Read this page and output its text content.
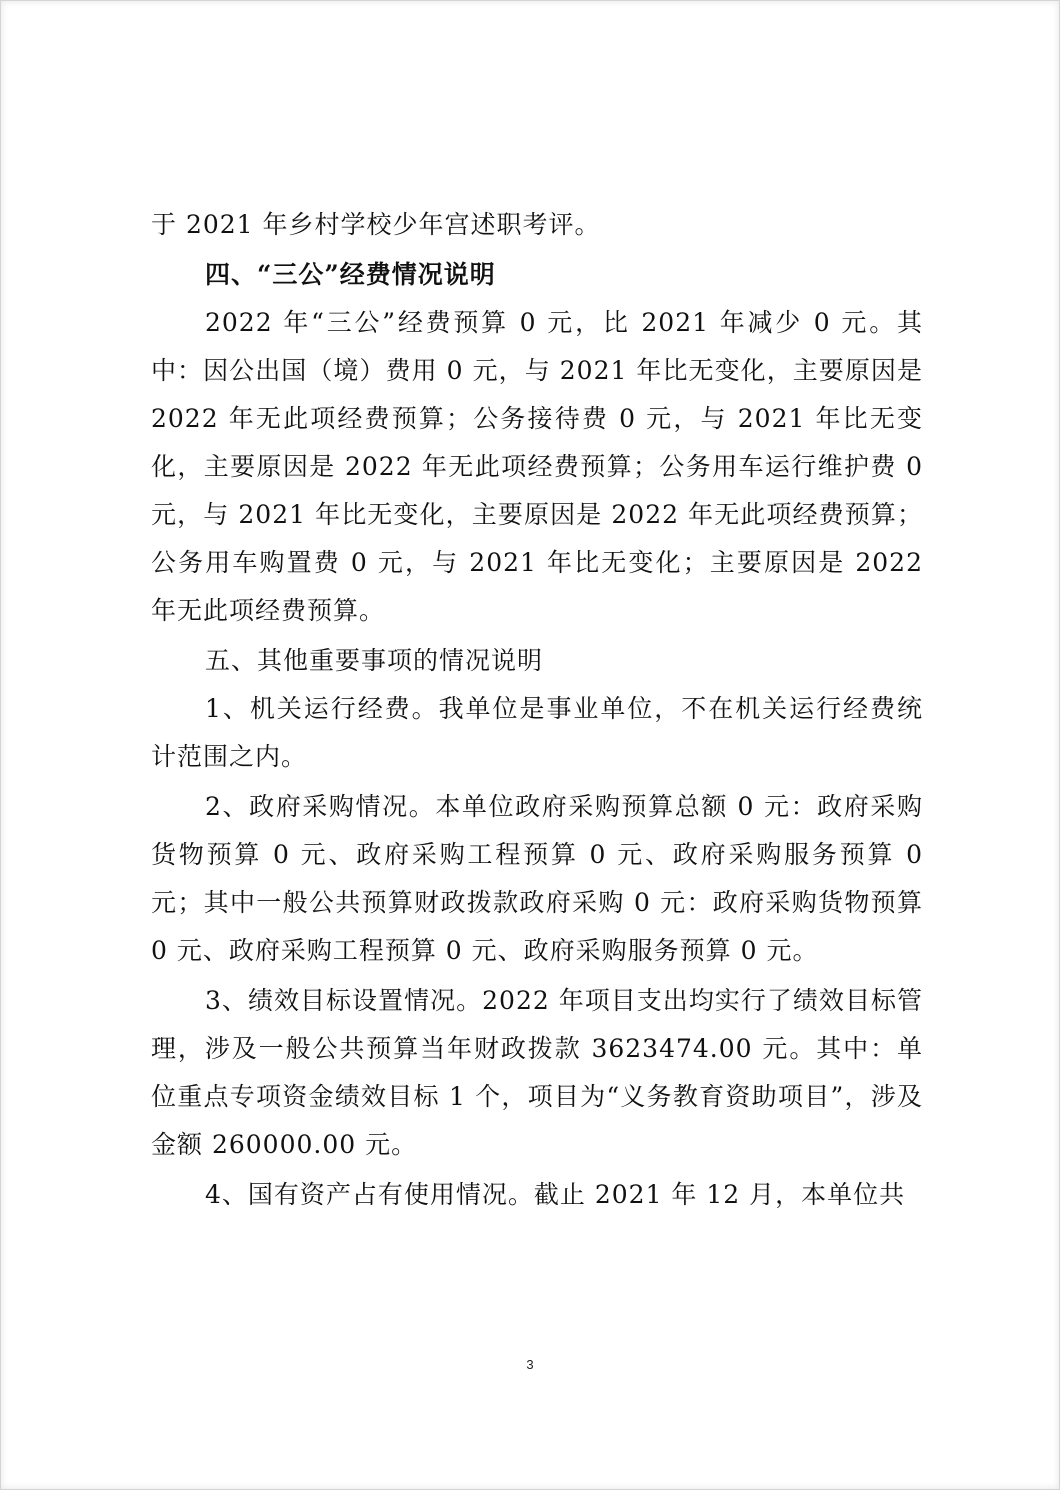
于 2021 年乡村学校少年宫述职考评。

四、“三公”经费情况说明

2022 年“三公”经费预算 0 元，比 2021 年减少 0 元。其中：因公出国（境）费用 0 元，与 2021 年比无变化，主要原因是 2022 年无此项经费预算；公务接待费 0 元，与 2021 年比无变化，主要原因是 2022 年无此项经费预算；公务用车运行维护费 0 元，与 2021 年比无变化，主要原因是 2022 年无此项经费预算；公务用车购置费 0 元，与 2021 年比无变化；主要原因是 2022 年无此项经费预算。

五、其他重要事项的情况说明

1、机关运行经费。我单位是事业单位，不在机关运行经费统计范围之内。

2、政府采购情况。本单位政府采购预算总额 0 元：政府采购货物预算 0 元、政府采购工程预算 0 元、政府采购服务预算 0 元；其中一般公共预算财政拨款政府采购 0 元：政府采购货物预算 0 元、政府采购工程预算 0 元、政府采购服务预算 0 元。

3、绩效目标设置情况。2022 年项目支出均实行了绩效目标管理，涉及一般公共预算当年财政拨款 3623474.00 元。其中：单位重点专项资金绩效目标 1 个，项目为“义务教育资助项目”，涉及金额 260000.00 元。

4、国有资产占有使用情况。截止 2021 年 12 月，本单位共

3
